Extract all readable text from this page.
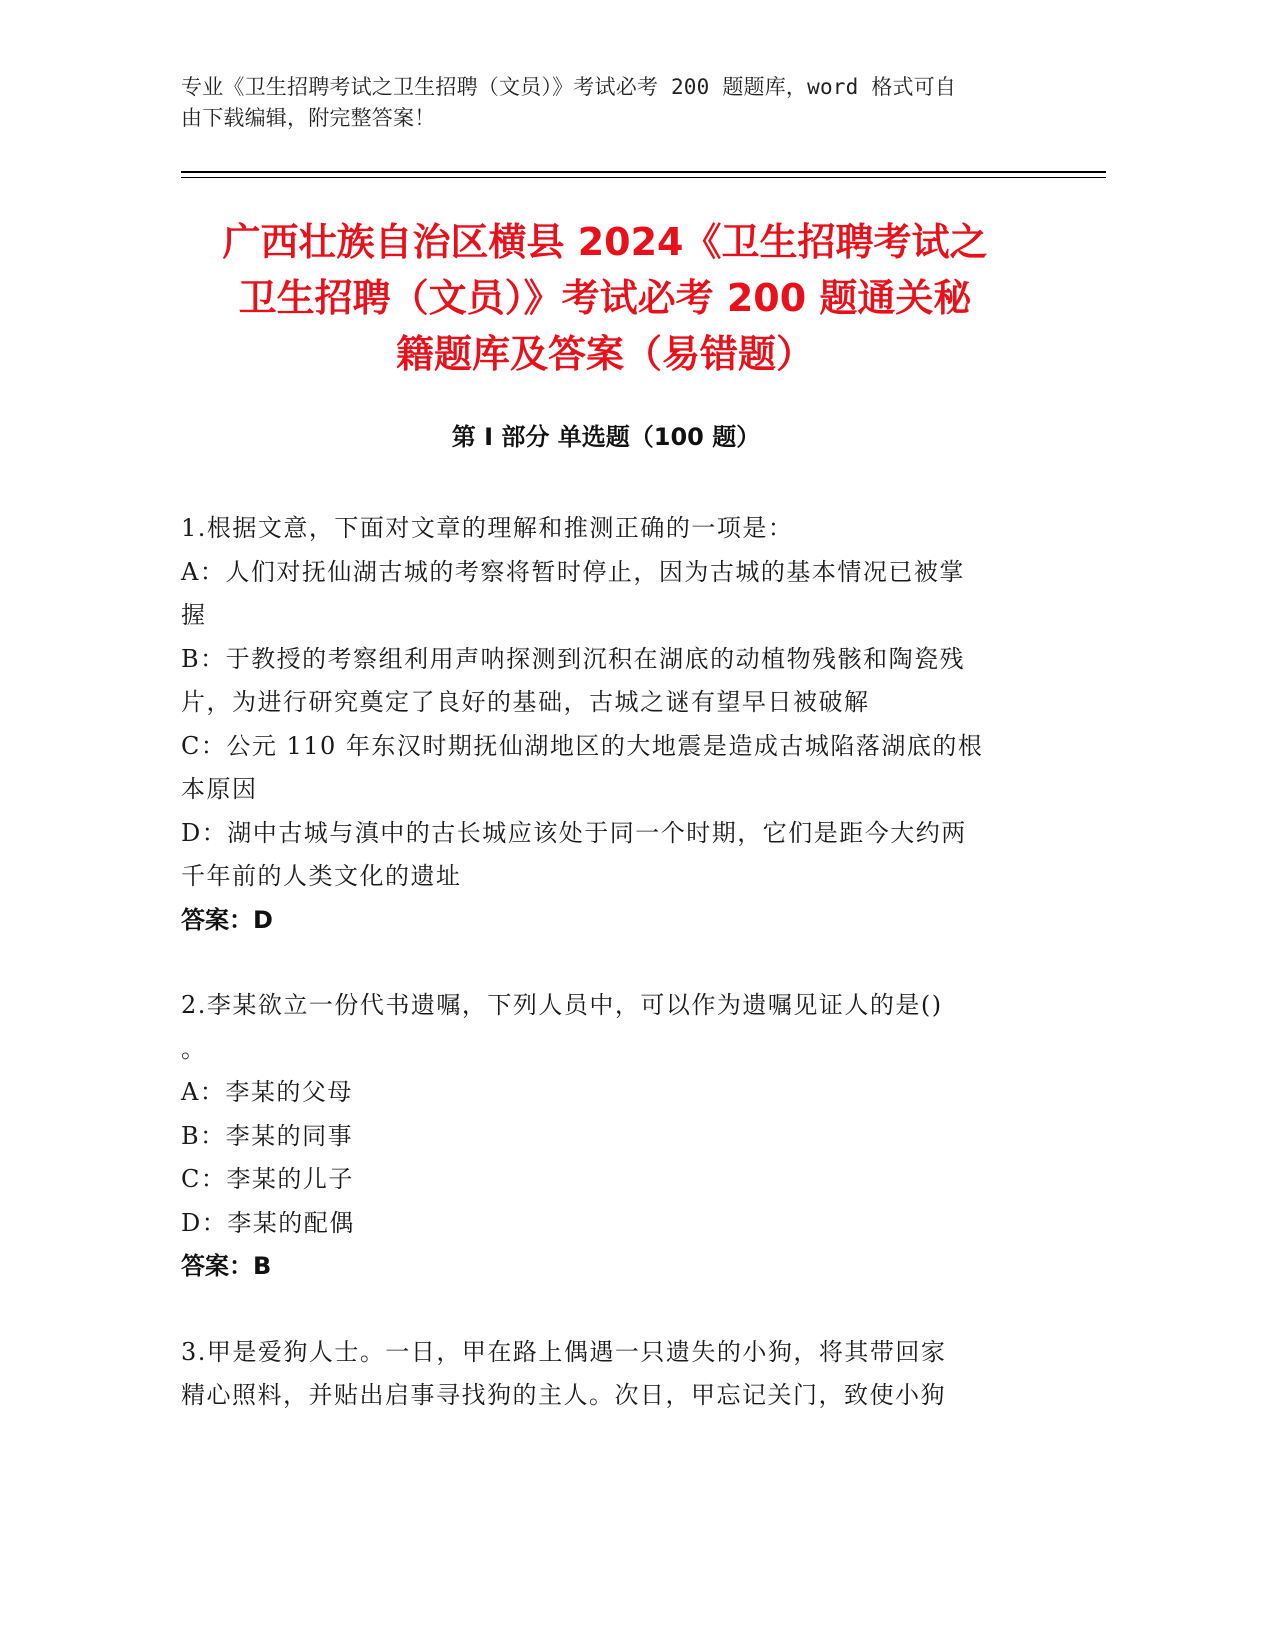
专业《卫生招聘考试之卫生招聘（文员）》考试必考 200 题题库，word 格式可自
由下载编辑，附完整答案！
广西壮族自治区横县 2024《卫生招聘考试之
卫生招聘（文员）》考试必考 200 题通关秘
籍题库及答案（易错题）
第 I 部分 单选题（100 题）
1.根据文意，下面对文章的理解和推测正确的一项是：
A：人们对抚仙湖古城的考察将暂时停止，因为古城的基本情况已被掌
握
B：于教授的考察组利用声呐探测到沉积在湖底的动植物残骸和陶瓷残
片，为进行研究奠定了良好的基础，古城之谜有望早日被破解
C：公元 110 年东汉时期抚仙湖地区的大地震是造成古城陷落湖底的根
本原因
D：湖中古城与滇中的古长城应该处于同一个时期，它们是距今大约两
千年前的人类文化的遗址
答案：D
2.李某欲立一份代书遗嘱，下列人员中，可以作为遗嘱见证人的是()
。
A：李某的父母
B：李某的同事
C：李某的儿子
D：李某的配偶
答案：B
3.甲是爱狗人士。一日，甲在路上偶遇一只遗失的小狗，将其带回家
精心照料，并贴出启事寻找狗的主人。次日，甲忘记关门，致使小狗
